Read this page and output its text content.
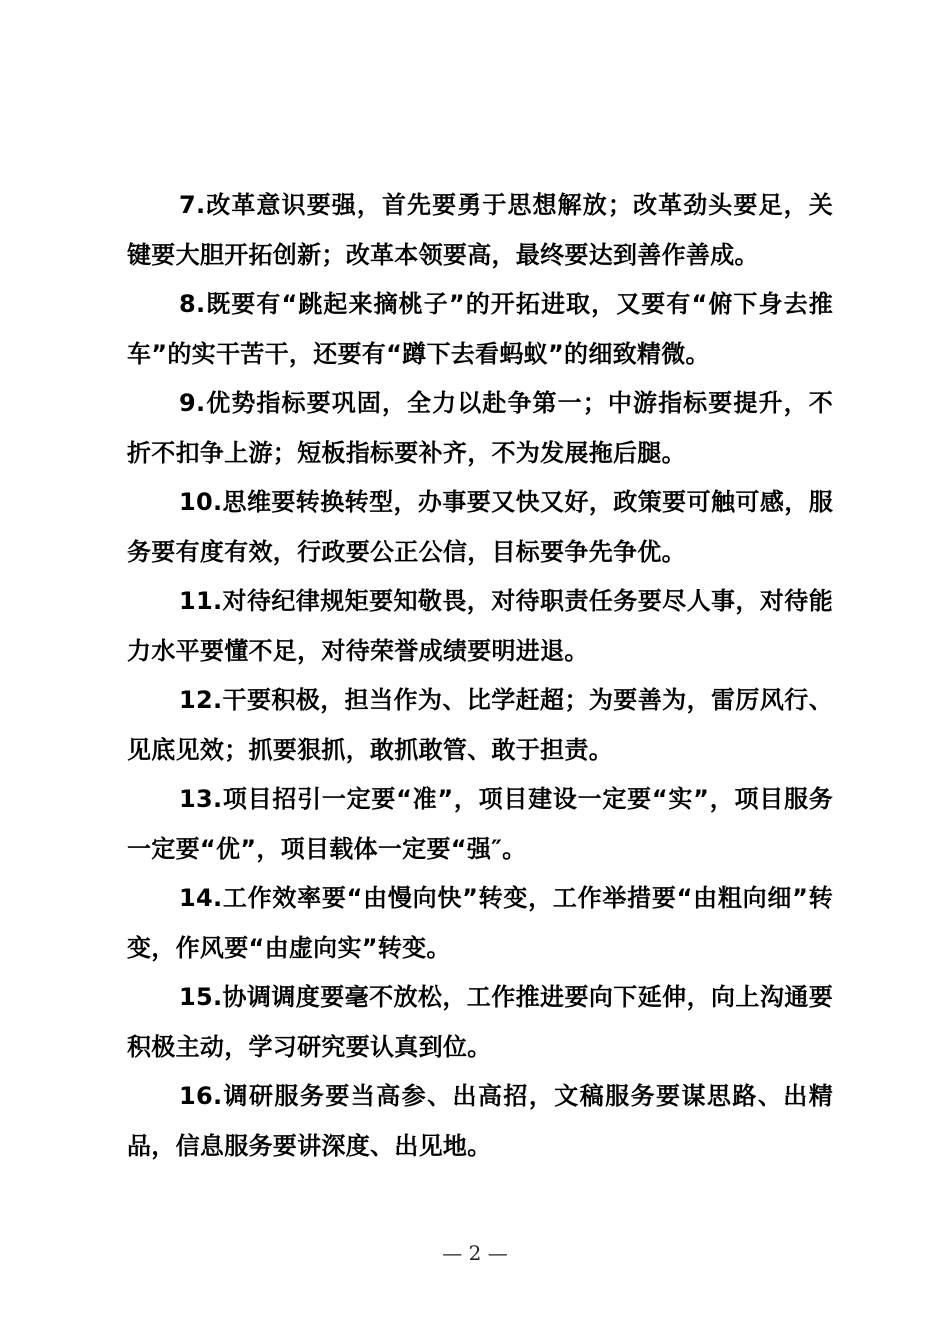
7.改革意识要强，首先要勇于思想解放；改革劲头要足，关键要大胆开拓创新；改革本领要高，最终要达到善作善成。

8.既要有“跳起来摘桃子”的开拓进取，又要有“俯下身去推车”的实干苦干，还要有“蹲下去看蚂蚁”的细致精微。

9.优势指标要巩固，全力以赴争第一；中游指标要提升，不折不扣争上游；短板指标要补齐，不为发展拖后腿。

10.思维要转换转型，办事要又快又好，政策要可触可感，服务要有度有效，行政要公正公信，目标要争先争优。

11.对待纪律规矩要知敬畏，对待职责任务要尽人事，对待能力水平要懂不足，对待荣誉成绩要明进退。

12.干要积极，担当作为、比学赶超；为要善为，雷厉风行、见底见效；抓要狠抓，敢抓敢管、敢于担责。

13.项目招引一定要“准”，项目建设一定要“实”，项目服务一定要“优”，项目载体一定要“强″。

14.工作效率要“由慢向快”转变，工作举措要“由粗向细”转变，作风要“由虚向实”转变。

15.协调调度要毫不放松，工作推进要向下延伸，向上沟通要积极主动，学习研究要认真到位。

16.调研服务要当高参、出高招，文稿服务要谋思路、出精品，信息服务要讲深度、出见地。

— 2 —
